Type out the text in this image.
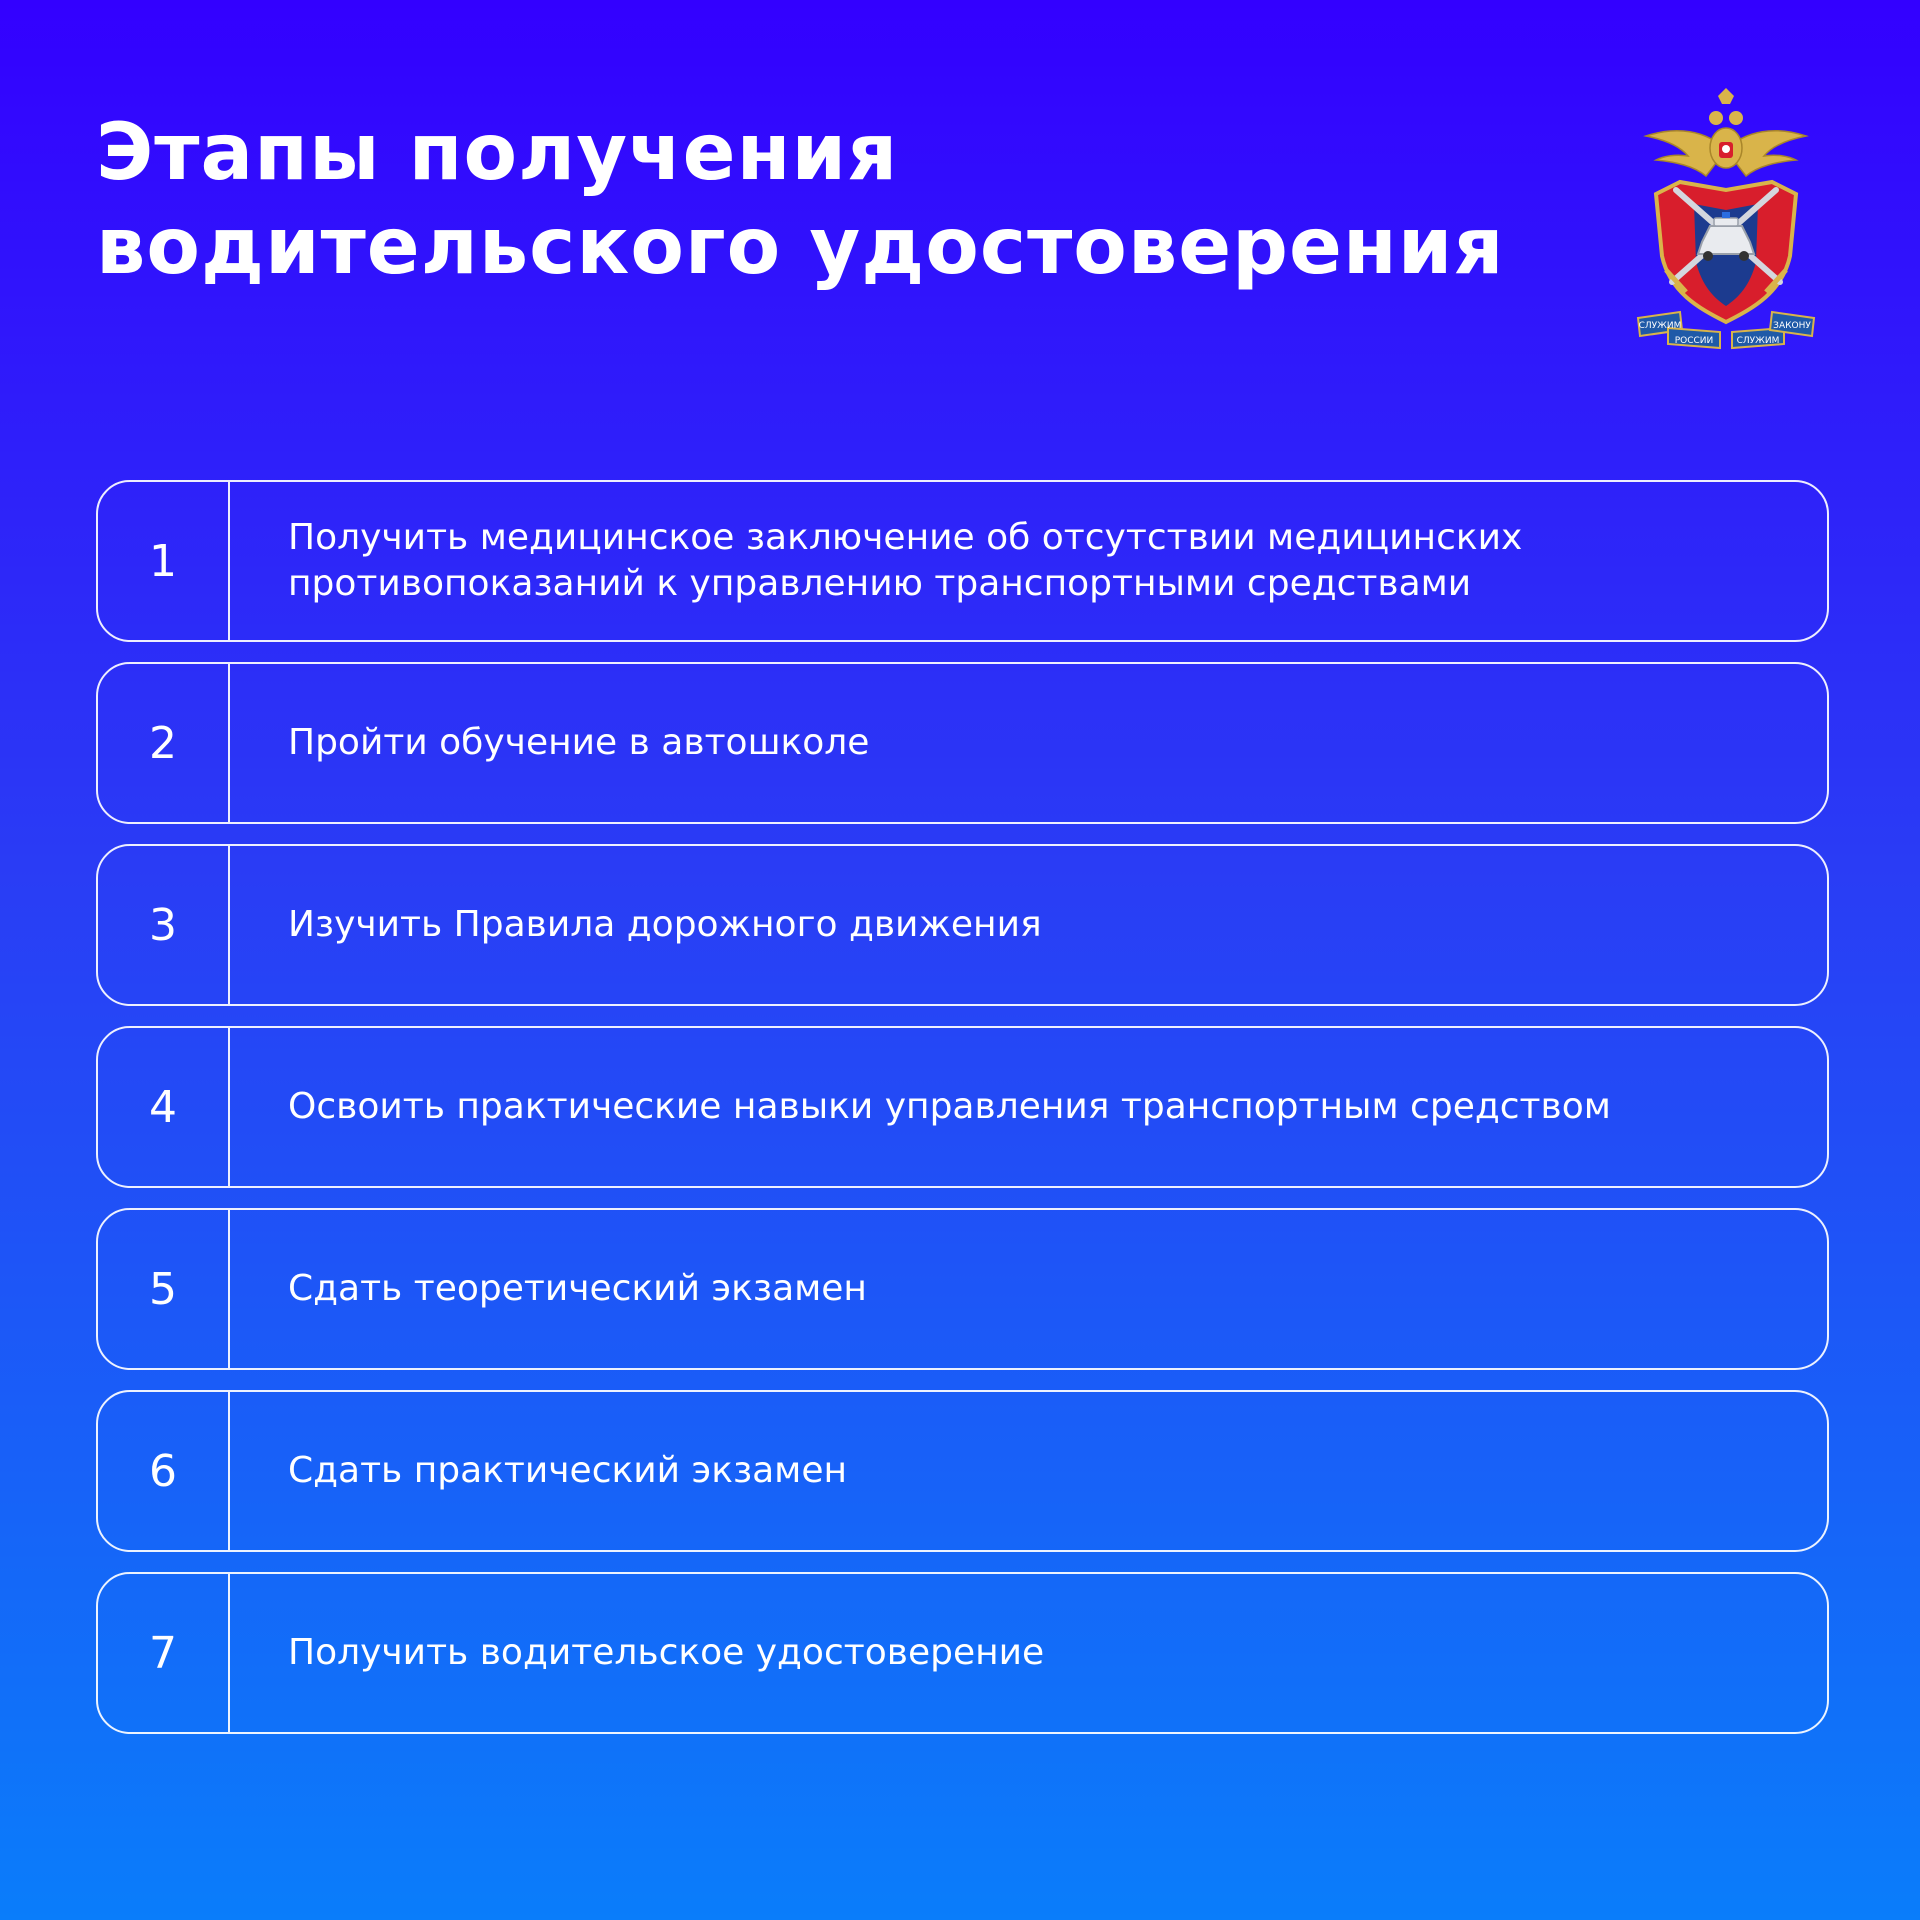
Этапы получения водительского удостоверения
СЛУЖИМ
РОССИИ	СЛУЖИМ
ЗАКОНУ
1	Получить медицинское заключение об отсутствии медицинских противопоказаний к управлению транспортными средствами
2	Пройти обучение в автошколе
3	Изучить Правила дорожного движения
4	Освоить практические навыки управления транспортным средством
5	Сдать теоретический экзамен
6	Сдать практический экзамен
7	Получить водительское удостоверение
